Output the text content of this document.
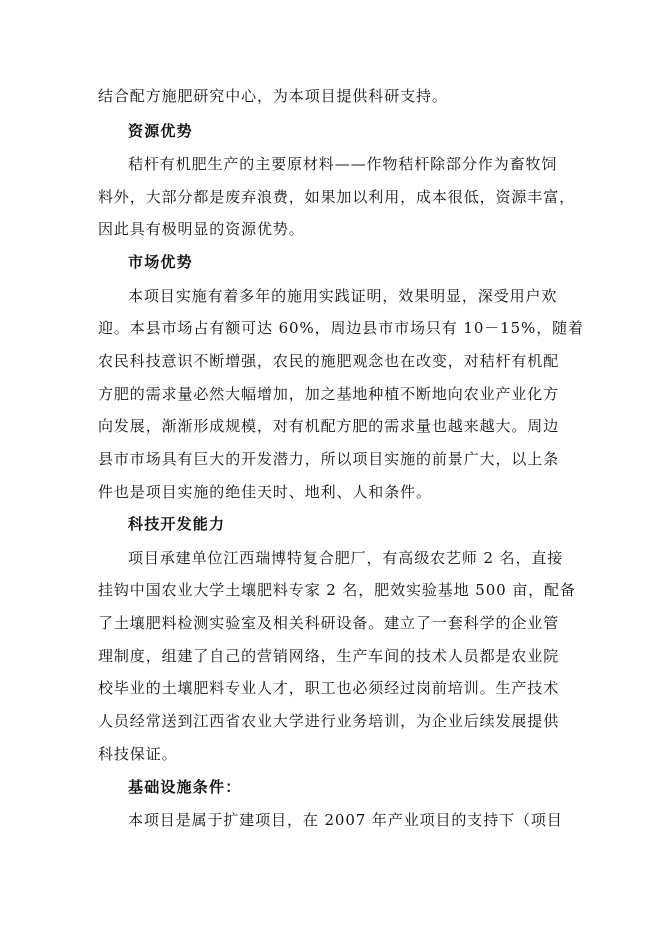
结合配方施肥研究中心，为本项目提供科研支持。
资源优势
秸杆有机肥生产的主要原材料——作物秸杆除部分作为畜牧饲
料外，大部分都是废弃浪费，如果加以利用，成本很低，资源丰富，
因此具有极明显的资源优势。
市场优势
本项目实施有着多年的施用实践证明，效果明显，深受用户欢
迎。本县市场占有额可达 60%，周边县市市场只有 10－15%，随着
农民科技意识不断增强，农民的施肥观念也在改变，对秸杆有机配
方肥的需求量必然大幅增加，加之基地种植不断地向农业产业化方
向发展，渐渐形成规模，对有机配方肥的需求量也越来越大。周边
县市市场具有巨大的开发潜力，所以项目实施的前景广大，以上条
件也是项目实施的绝佳天时、地利、人和条件。
科技开发能力
项目承建单位江西瑞博特复合肥厂，有高级农艺师 2 名，直接
挂钩中国农业大学土壤肥料专家 2 名，肥效实验基地 500 亩，配备
了土壤肥料检测实验室及相关科研设备。建立了一套科学的企业管
理制度，组建了自己的营销网络，生产车间的技术人员都是农业院
校毕业的土壤肥料专业人才，职工也必须经过岗前培训。生产技术
人员经常送到江西省农业大学进行业务培训，为企业后续发展提供
科技保证。
基础设施条件：
本项目是属于扩建项目，在 2007 年产业项目的支持下（项目
